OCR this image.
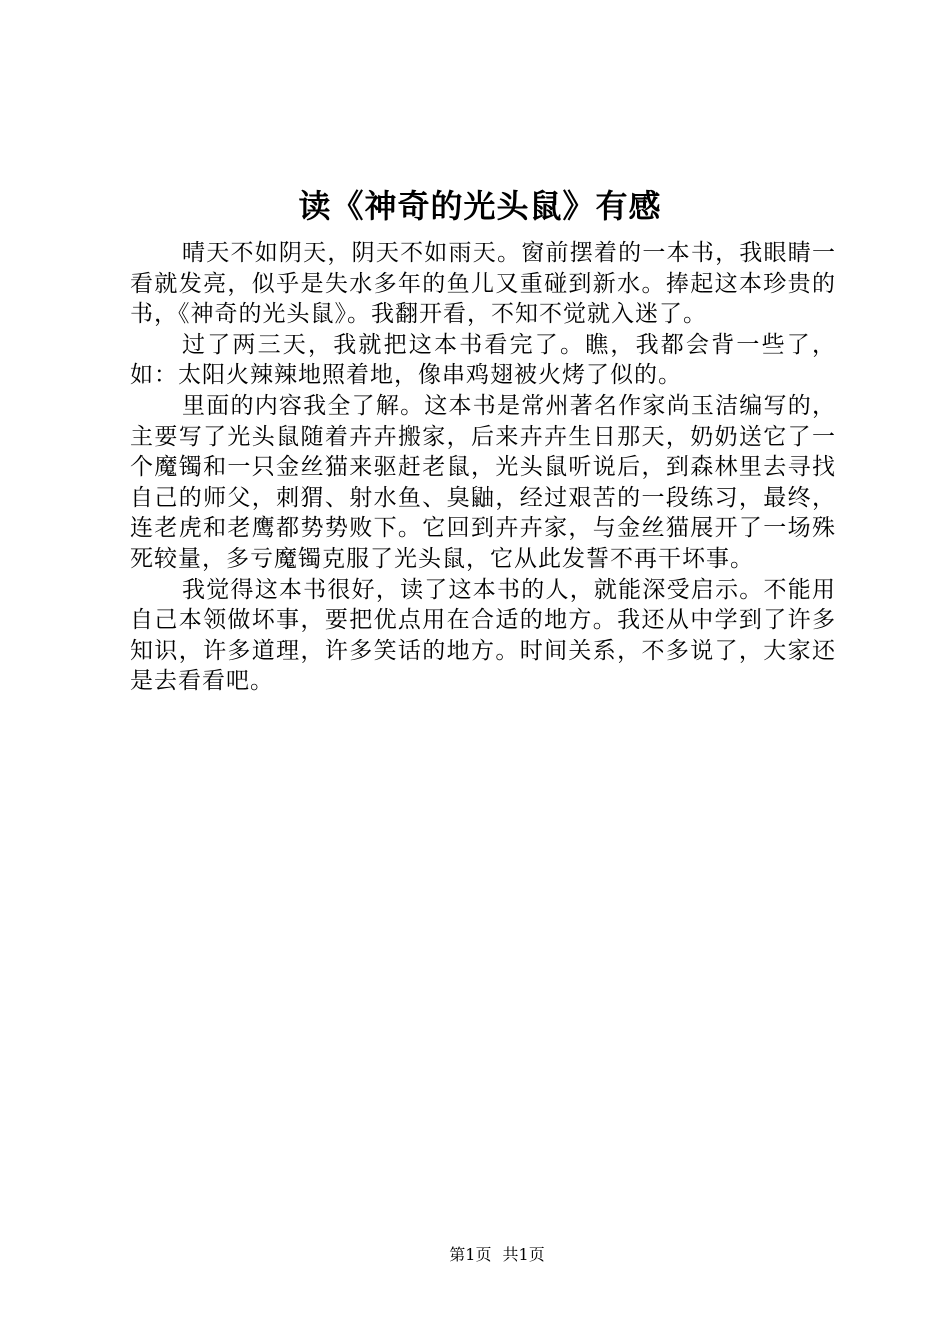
读《神奇的光头鼠》有感

晴天不如阴天，阴天不如雨天。窗前摆着的一本书，我眼睛一看就发亮，似乎是失水多年的鱼儿又重碰到新水。捧起这本珍贵的书，《神奇的光头鼠》。我翻开看，不知不觉就入迷了。

过了两三天，我就把这本书看完了。瞧，我都会背一些了，如：太阳火辣辣地照着地，像串鸡翅被火烤了似的。

里面的内容我全了解。这本书是常州著名作家尚玉洁编写的，主要写了光头鼠随着卉卉搬家，后来卉卉生日那天，奶奶送它了一个魔镯和一只金丝猫来驱赶老鼠，光头鼠听说后，到森林里去寻找自己的师父，刺猬、射水鱼、臭鼬，经过艰苦的一段练习，最终，连老虎和老鹰都势势败下。它回到卉卉家，与金丝猫展开了一场殊死较量，多亏魔镯克服了光头鼠，它从此发誓不再干坏事。

我觉得这本书很好，读了这本书的人，就能深受启示。不能用自己本领做坏事，要把优点用在合适的地方。我还从中学到了许多知识，许多道理，许多笑话的地方。时间关系，不多说了，大家还是去看看吧。

第1页 共1页
